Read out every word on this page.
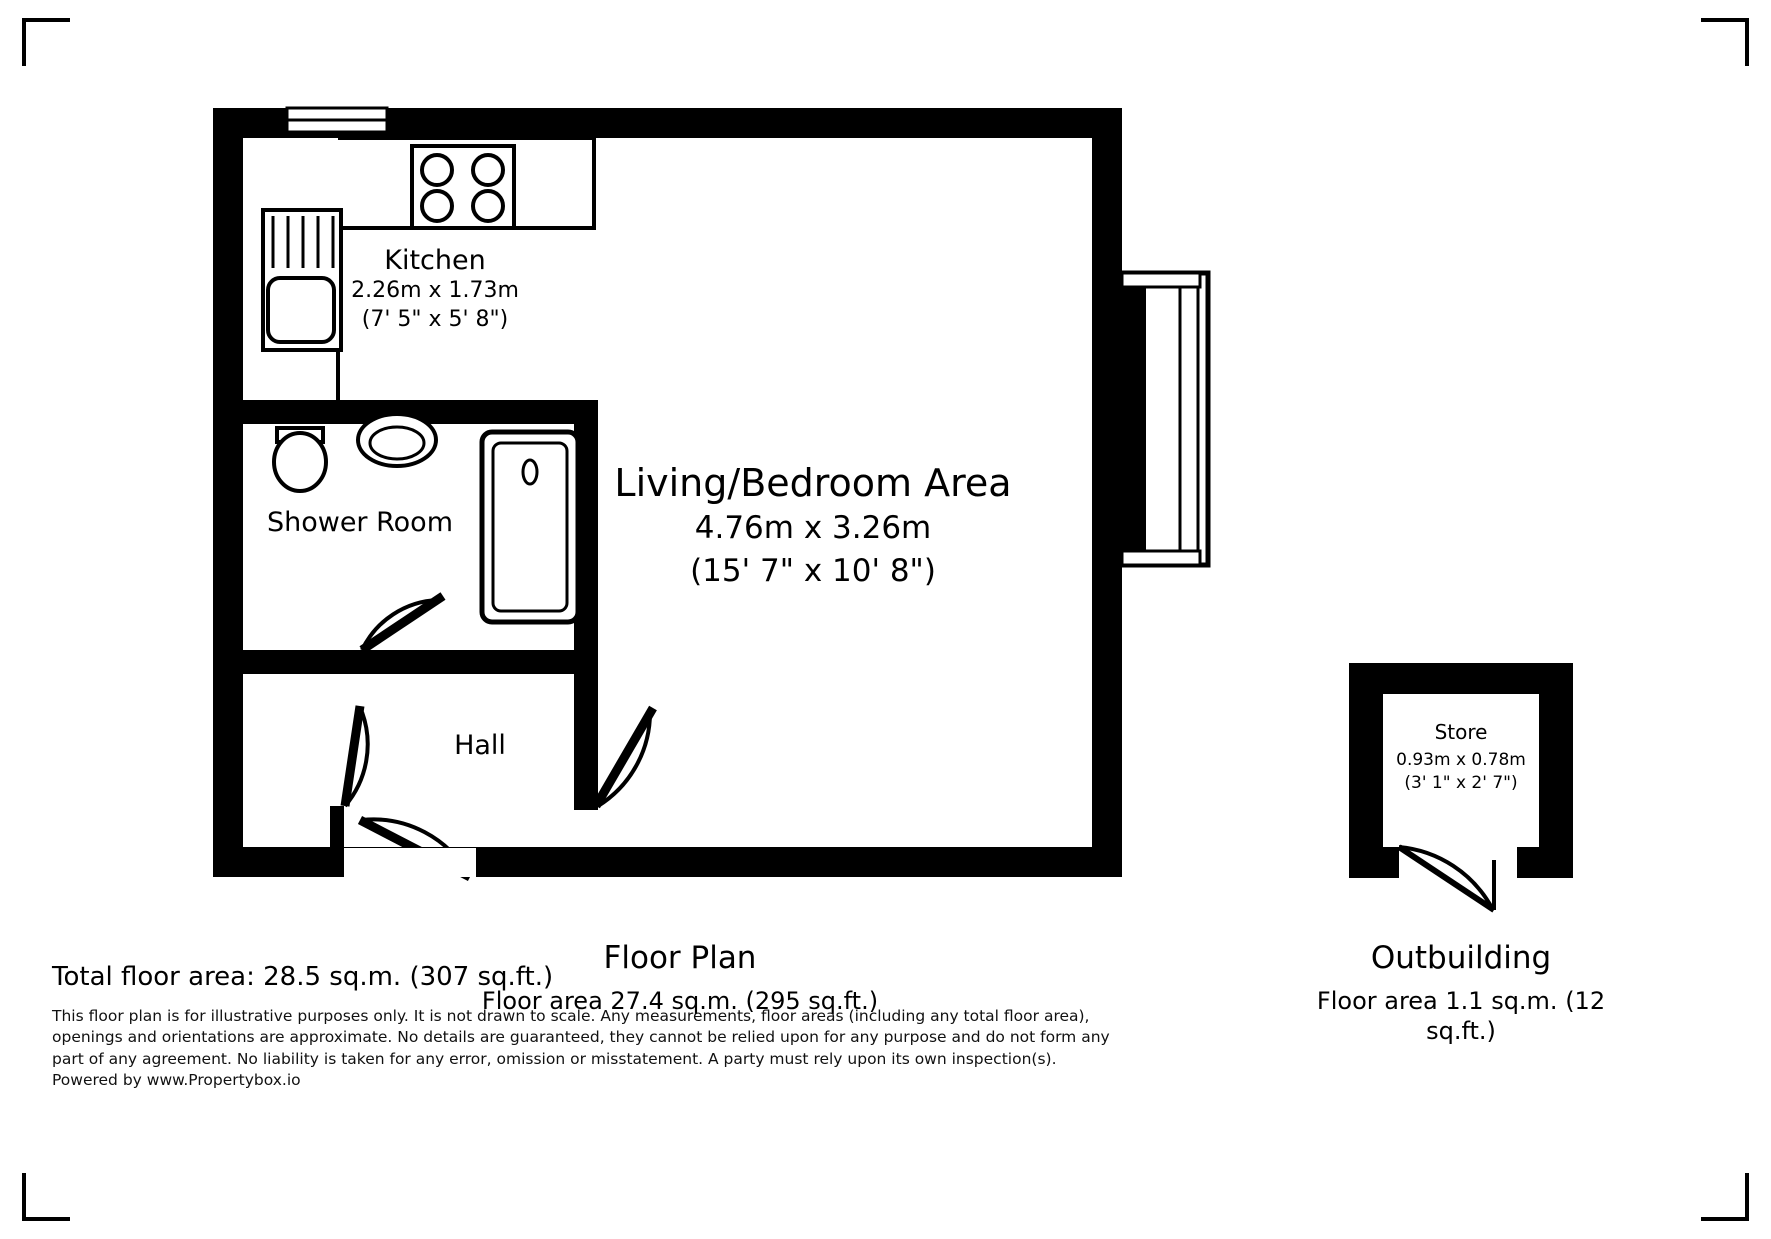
Kitchen
2.26m x 1.73m
(7' 5" x 5' 8")
Shower Room
Living/Bedroom Area
4.76m x 3.26m
(15' 7" x 10' 8")
Hall	Store
0.93m x 0.78m
(3' 1" x 2' 7")
Floor Plan
Floor area 27.4 sq.m. (295 sq.ft.)
Outbuilding
Floor area 1.1 sq.m. (12 sq.ft.)
Total floor area: 28.5 sq.m. (307 sq.ft.)
This floor plan is for illustrative purposes only. It is not drawn to scale. Any measurements, floor areas (including any total floor area), openings and orientations are approximate. No details are guaranteed, they cannot be relied upon for any purpose and do not form any part of any agreement. No liability is taken for any error, omission or misstatement. A party must rely upon its own inspection(s). Powered by www.Propertybox.io
